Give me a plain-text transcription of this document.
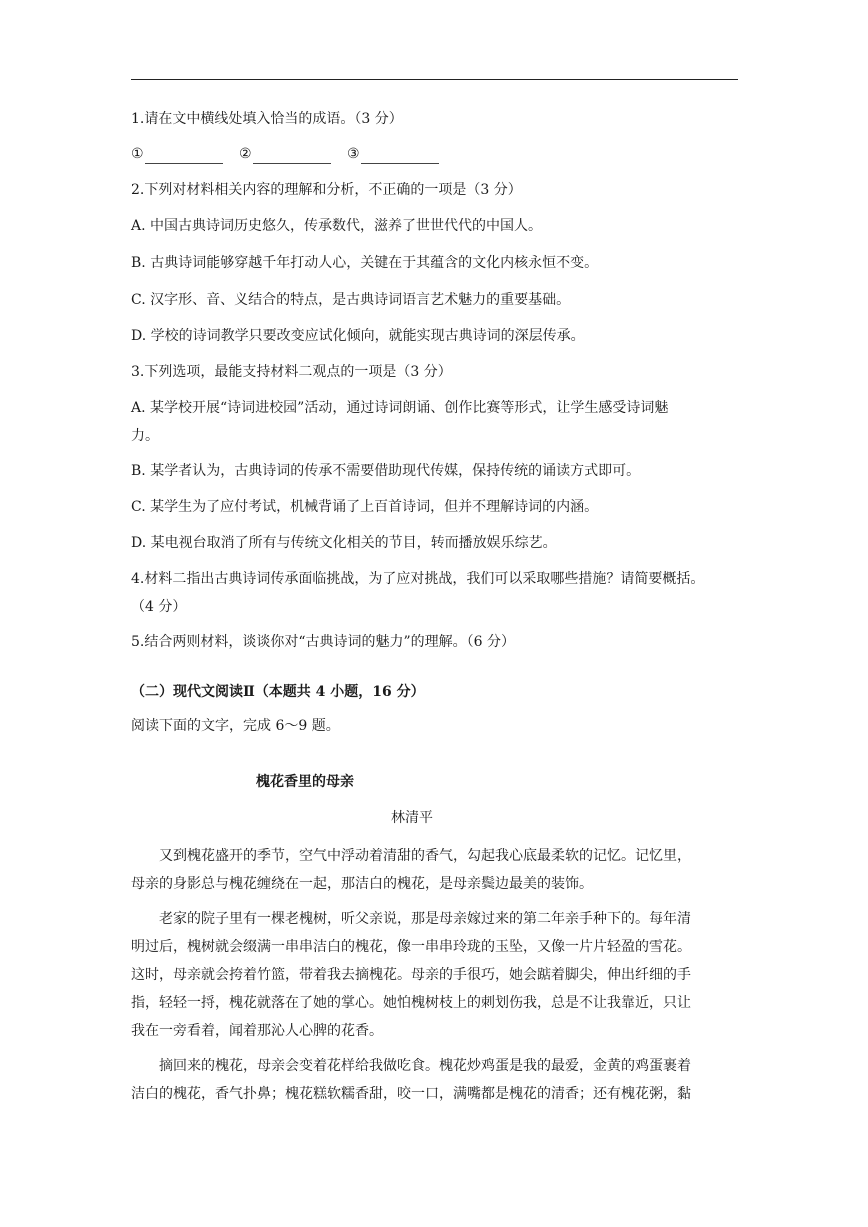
1.请在文中横线处填入恰当的成语。（3 分）
①	②	③
2.下列对材料相关内容的理解和分析，不正确的一项是（3 分）
A. 中国古典诗词历史悠久，传承数代，滋养了世世代代的中国人。
B. 古典诗词能够穿越千年打动人心，关键在于其蕴含的文化内核永恒不变。
C. 汉字形、音、义结合的特点，是古典诗词语言艺术魅力的重要基础。
D. 学校的诗词教学只要改变应试化倾向，就能实现古典诗词的深层传承。
3.下列选项，最能支持材料二观点的一项是（3 分）
A. 某学校开展“诗词进校园”活动，通过诗词朗诵、创作比赛等形式，让学生感受诗词魅
力。
B. 某学者认为，古典诗词的传承不需要借助现代传媒，保持传统的诵读方式即可。
C. 某学生为了应付考试，机械背诵了上百首诗词，但并不理解诗词的内涵。
D. 某电视台取消了所有与传统文化相关的节目，转而播放娱乐综艺。
4.材料二指出古典诗词传承面临挑战，为了应对挑战，我们可以采取哪些措施？请简要概括。
（4 分）
5.结合两则材料，谈谈你对“古典诗词的魅力”的理解。（6 分）
（二）现代文阅读Ⅱ（本题共 4 小题，16 分）
阅读下面的文字，完成 6～9 题。
槐花香里的母亲
林清平
又到槐花盛开的季节，空气中浮动着清甜的香气，勾起我心底最柔软的记忆。记忆里，
母亲的身影总与槐花缠绕在一起，那洁白的槐花，是母亲鬓边最美的装饰。
老家的院子里有一棵老槐树，听父亲说，那是母亲嫁过来的第二年亲手种下的。每年清
明过后，槐树就会缀满一串串洁白的槐花，像一串串玲珑的玉坠，又像一片片轻盈的雪花。
这时，母亲就会挎着竹篮，带着我去摘槐花。母亲的手很巧，她会踮着脚尖，伸出纤细的手
指，轻轻一捋，槐花就落在了她的掌心。她怕槐树枝上的刺划伤我，总是不让我靠近，只让
我在一旁看着，闻着那沁人心脾的花香。
摘回来的槐花，母亲会变着花样给我做吃食。槐花炒鸡蛋是我的最爱，金黄的鸡蛋裹着
洁白的槐花，香气扑鼻；槐花糕软糯香甜，咬一口，满嘴都是槐花的清香；还有槐花粥，黏
